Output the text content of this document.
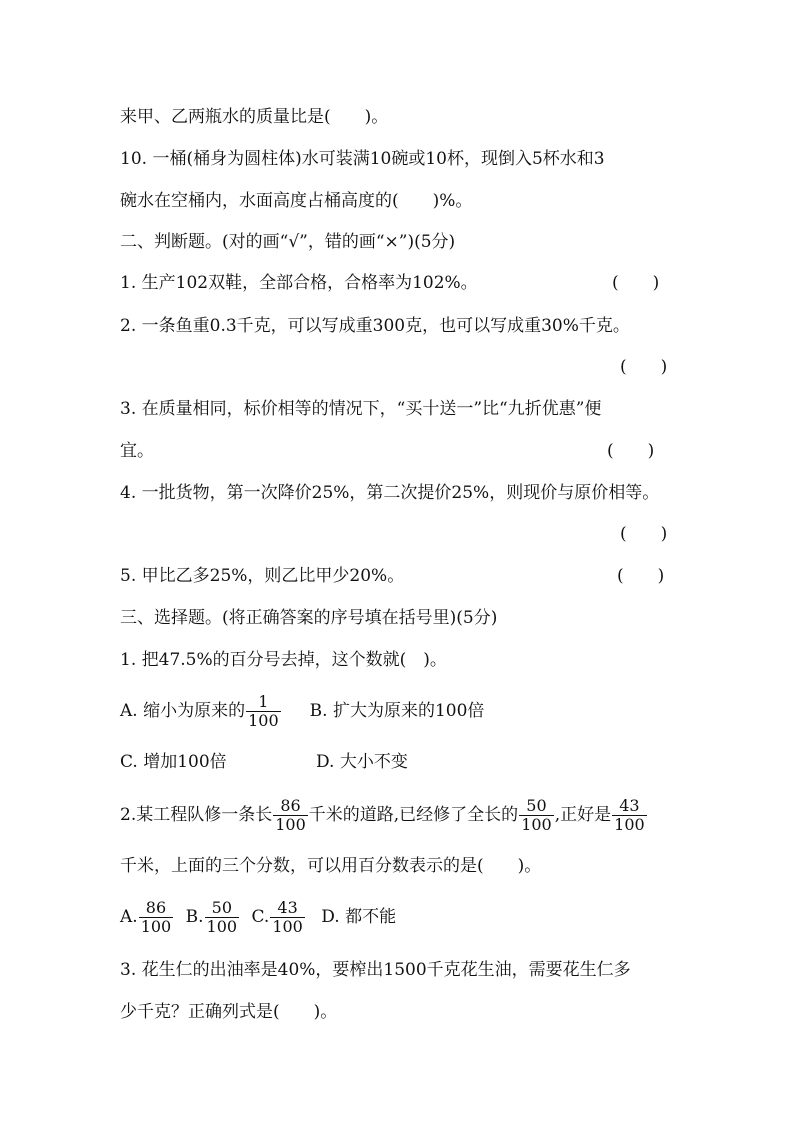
来甲、乙两瓶水的质量比是(　　)。
10. 一桶(桶身为圆柱体)水可装满10碗或10杯，现倒入5杯水和3
碗水在空桶内，水面高度占桶高度的(　　)%。
二、判断题。(对的画“√”，错的画“×”)(5分)
1. 生产102双鞋，全部合格，合格率为102%。	(　　)
2. 一条鱼重0.3千克，可以写成重300克，也可以写成重30%千克。
(　　)
3. 在质量相同，标价相等的情况下，“买十送一”比“九折优惠”便
宜。	(　　)
4. 一批货物，第一次降价25%，第二次提价25%，则现价与原价相等。
(　　)
5. 甲比乙多25%，则乙比甲少20%。	(　　)
三、选择题。(将正确答案的序号填在括号里)(5分)
1. 把47.5%的百分号去掉，这个数就(　)。
A. 缩小为原来的 $\frac{1}{100} B$. 扩大为原来的100倍
C. 增加100倍	D. 大小不变
2.某工程队修一条长 $\frac{86}{100}$ 千米的道路,已经修了全长的 $\frac{50}{100}$ ,正好是 $\frac{43}{100}$
千米，上面的三个分数，可以用百分数表示的是(　　)。
A. $\frac{86}{100} B$. $\frac{50}{100} C$. $\frac{43}{100} D$. 都不能
3. 花生仁的出油率是40%，要榨出1500千克花生油，需要花生仁多
少千克？正确列式是(　　)。
